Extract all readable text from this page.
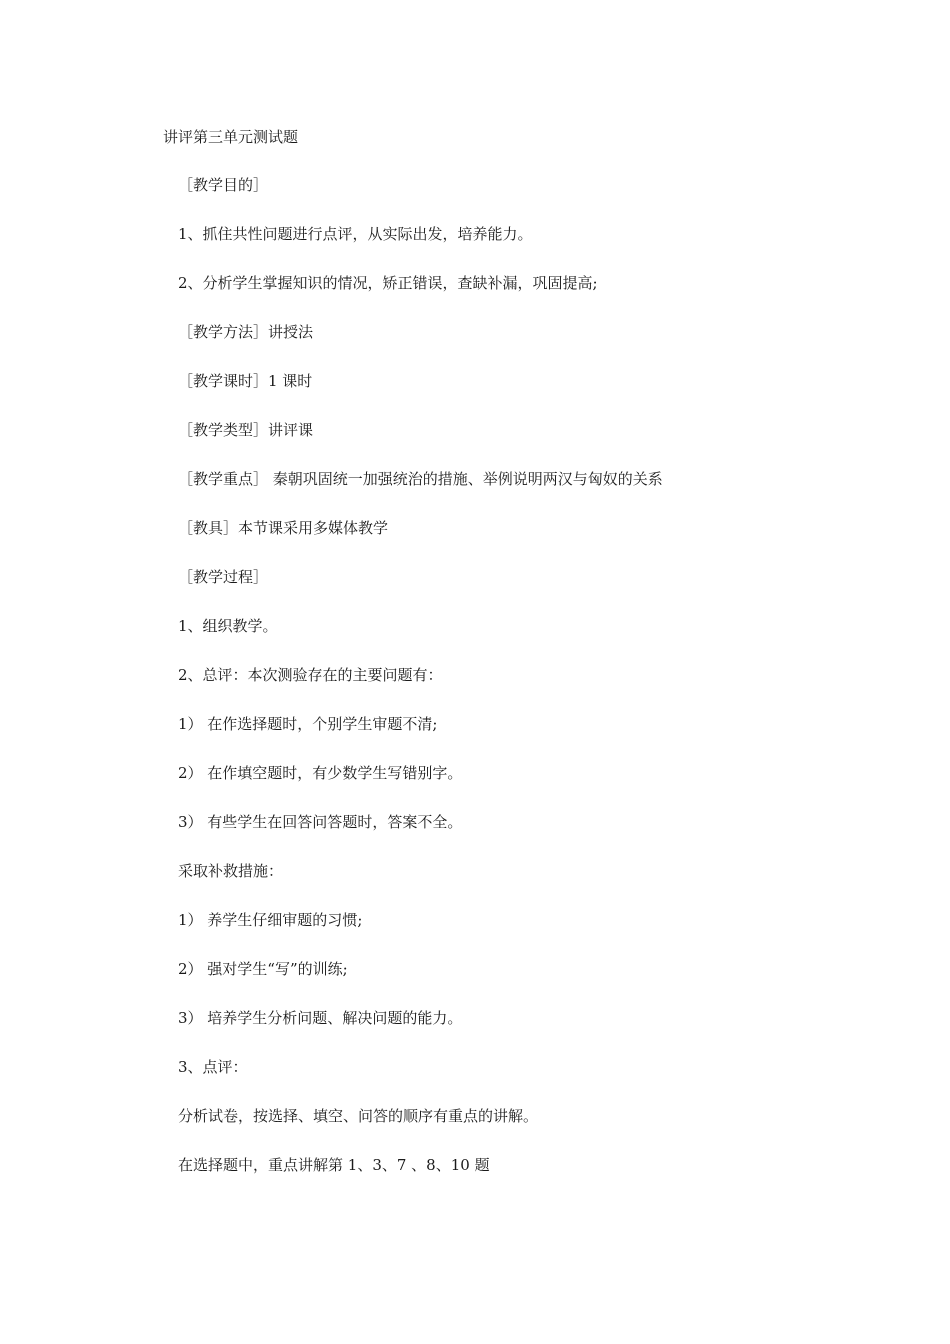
讲评第三单元测试题
［教学目的］
1、抓住共性问题进行点评，从实际出发，培养能力。
2、分析学生掌握知识的情况，矫正错误，查缺补漏，巩固提高;
［教学方法］讲授法
［教学课时］1 课时
［教学类型］讲评课
［教学重点］ 秦朝巩固统一加强统治的措施、举例说明两汉与匈奴的关系
［教具］本节课采用多媒体教学
［教学过程］
1、组织教学。
2、总评：本次测验存在的主要问题有：
1） 在作选择题时，个别学生审题不清;
2） 在作填空题时，有少数学生写错别字。
3） 有些学生在回答问答题时，答案不全。
采取补救措施：
1） 养学生仔细审题的习惯;
2） 强对学生“写”的训练;
3） 培养学生分析问题、解决问题的能力。
3、点评：
分析试卷，按选择、填空、问答的顺序有重点的讲解。
在选择题中，重点讲解第 1、3、7 、8、10 题
